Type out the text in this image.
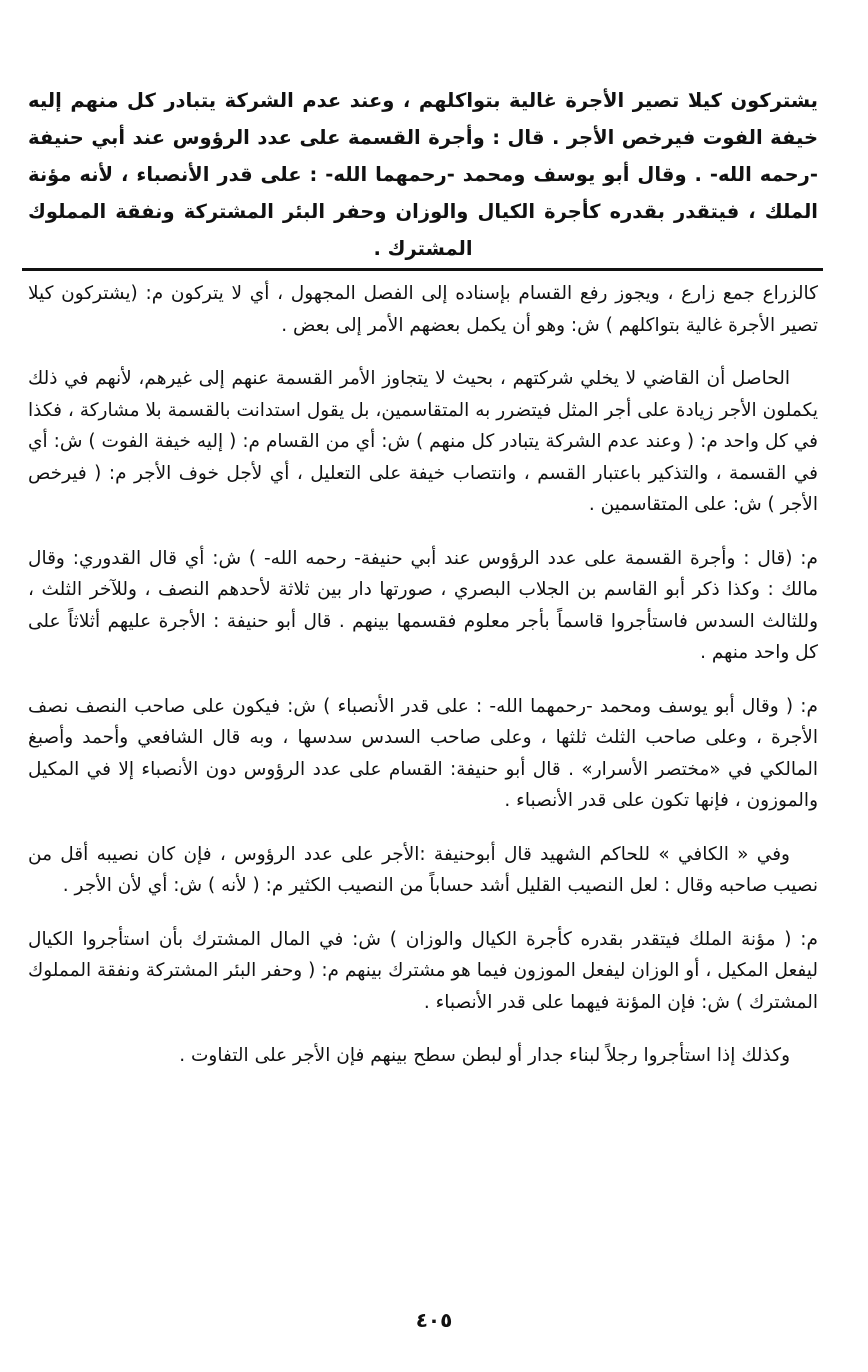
يشتركون كيلا تصير الأجرة غالية بتواكلهم ، وعند عدم الشركة يتبادر كل منهم إليه خيفة الفوت فيرخص الأجر . قال : وأجرة القسمة على عدد الرؤوس عند أبي حنيفة -رحمه الله- . وقال أبو يوسف ومحمد -رحمهما الله- : على قدر الأنصباء ، لأنه مؤنة الملك ، فيتقدر بقدره كأجرة الكيال والوزان وحفر البئر المشتركة ونفقة المملوك المشترك .

كالزراع جمع زارع ، ويجوز رفع القسام بإسناده إلى الفصل المجهول ، أي لا يتركون م: (يشتركون كيلا تصير الأجرة غالية بتواكلهم ) ش: وهو أن يكمل بعضهم الأمر إلى بعض .

الحاصل أن القاضي لا يخلي شركتهم ، بحيث لا يتجاوز الأمر القسمة عنهم إلى غيرهم، لأنهم في ذلك يكملون الأجر زيادة على أجر المثل فيتضرر به المتقاسمين، بل يقول استدانت بالقسمة بلا مشاركة ، فكذا في كل واحد م: ( وعند عدم الشركة يتبادر كل منهم ) ش: أي من القسام م: ( إليه خيفة الفوت ) ش: أي في القسمة ، والتذكير باعتبار القسم ، وانتصاب خيفة على التعليل ، أي لأجل خوف الأجر م: ( فيرخص الأجر ) ش: على المتقاسمين .

م: (قال : وأجرة القسمة على عدد الرؤوس عند أبي حنيفة- رحمه الله- ) ش: أي قال القدوري: وقال مالك : وكذا ذكر أبو القاسم بن الجلاب البصري ، صورتها دار بين ثلاثة لأحدهم النصف ، وللآخر الثلث ، وللثالث السدس فاستأجروا قاسماً بأجر معلوم فقسمها بينهم . قال أبو حنيفة : الأجرة عليهم أثلاثاً على كل واحد منهم .

م: ( وقال أبو يوسف ومحمد -رحمهما الله- : على قدر الأنصباء ) ش: فيكون على صاحب النصف نصف الأجرة ، وعلى صاحب الثلث ثلثها ، وعلى صاحب السدس سدسها ، وبه قال الشافعي وأحمد وأصبغ المالكي في «مختصر الأسرار» . قال أبو حنيفة: القسام على عدد الرؤوس دون الأنصباء إلا في المكيل والموزون ، فإنها تكون على قدر الأنصباء .

وفي « الكافي » للحاكم الشهيد قال أبوحنيفة :الأجر على عدد الرؤوس ، فإن كان نصيبه أقل من نصيب صاحبه وقال : لعل النصيب القليل أشد حساباً من النصيب الكثير م: ( لأنه ) ش: أي لأن الأجر .

م: ( مؤنة الملك فيتقدر بقدره كأجرة الكيال والوزان ) ش: في المال المشترك بأن استأجروا الكيال ليفعل المكيل ، أو الوزان ليفعل الموزون فيما هو مشترك بينهم م: ( وحفر البئر المشتركة ونفقة المملوك المشترك ) ش: فإن المؤنة فيهما على قدر الأنصباء .

وكذلك إذا استأجروا رجلاً لبناء جدار أو لبطن سطح بينهم فإن الأجر على التفاوت .

٤٠٥
